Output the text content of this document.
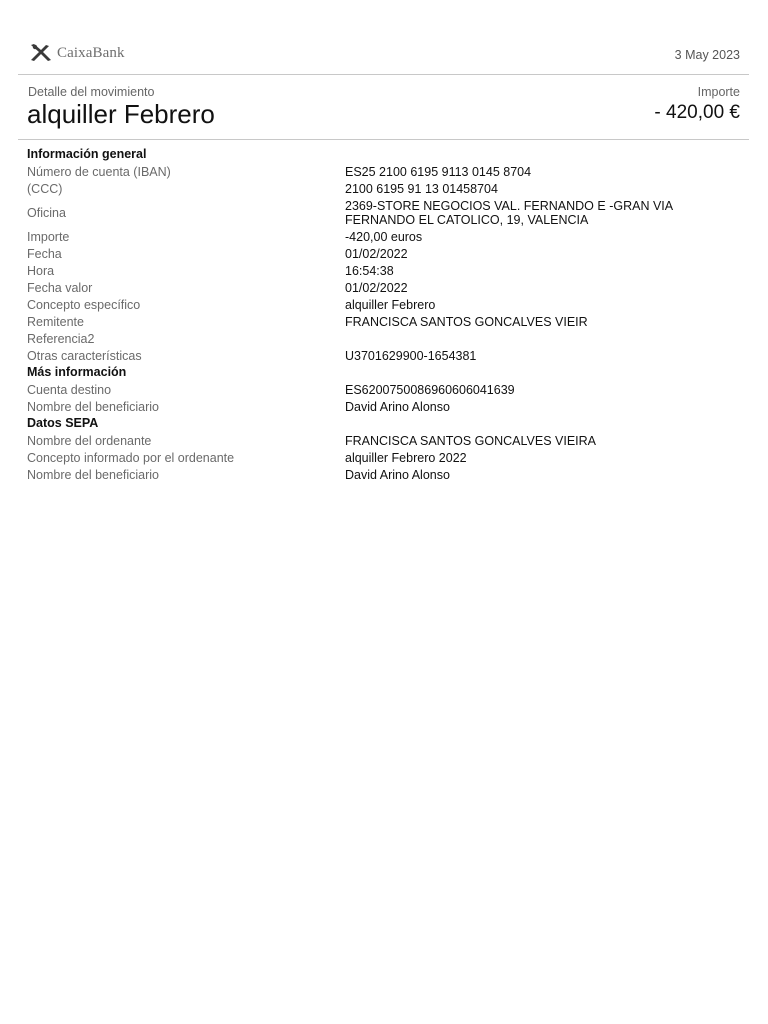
CaixaBank	3 May 2023
Detalle del movimiento
alquiller Febrero
Importe
- 420,00 €
Información general
Número de cuenta (IBAN)	ES25 2100 6195 9113 0145 8704
(CCC)	2100 6195 91 13 01458704
Oficina	2369-STORE NEGOCIOS VAL. FERNANDO E -GRAN VIA FERNANDO EL CATOLICO, 19, VALENCIA
Importe	-420,00 euros
Fecha	01/02/2022
Hora	16:54:38
Fecha valor	01/02/2022
Concepto específico	alquiller Febrero
Remitente	FRANCISCA SANTOS GONCALVES VIEIR
Referencia2
Otras características	U3701629900-1654381
Más información
Cuenta destino	ES6200750086960606041639
Nombre del beneficiario	David Arino Alonso
Datos SEPA
Nombre del ordenante	FRANCISCA SANTOS GONCALVES VIEIRA
Concepto informado por el ordenante	alquiller Febrero 2022
Nombre del beneficiario	David Arino Alonso
